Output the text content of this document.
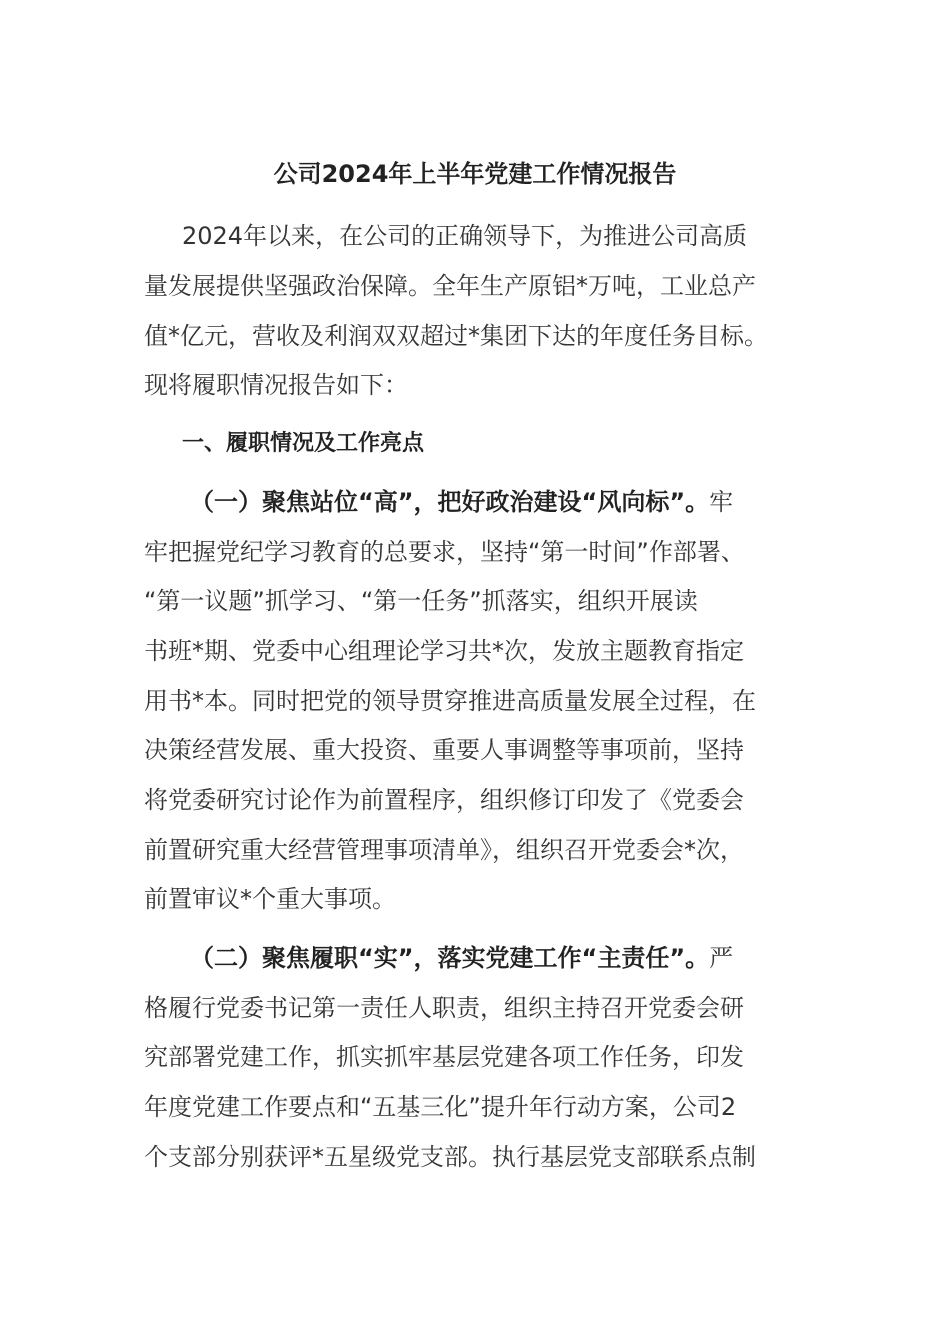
公司2024年上半年党建工作情况报告
2024年以来，在公司的正确领导下，为推进公司高质
量发展提供坚强政治保障。全年生产原铝*万吨，工业总产
值*亿元，营收及利润双双超过*集团下达的年度任务目标。
现将履职情况报告如下：
一、履职情况及工作亮点
（一）聚焦站位“高”，把好政治建设“风向标”。牢
牢把握党纪学习教育的总要求，坚持“第一时间”作部署、
“第一议题”抓学习、“第一任务”抓落实，组织开展读
书班*期、党委中心组理论学习共*次，发放主题教育指定
用书*本。同时把党的领导贯穿推进高质量发展全过程，在
决策经营发展、重大投资、重要人事调整等事项前，坚持
将党委研究讨论作为前置程序，组织修订印发了《党委会
前置研究重大经营管理事项清单》，组织召开党委会*次，
前置审议*个重大事项。
（二）聚焦履职“实”，落实党建工作“主责任”。严
格履行党委书记第一责任人职责，组织主持召开党委会研
究部署党建工作，抓实抓牢基层党建各项工作任务，印发
年度党建工作要点和“五基三化”提升年行动方案，公司2
个支部分别获评*五星级党支部。执行基层党支部联系点制
